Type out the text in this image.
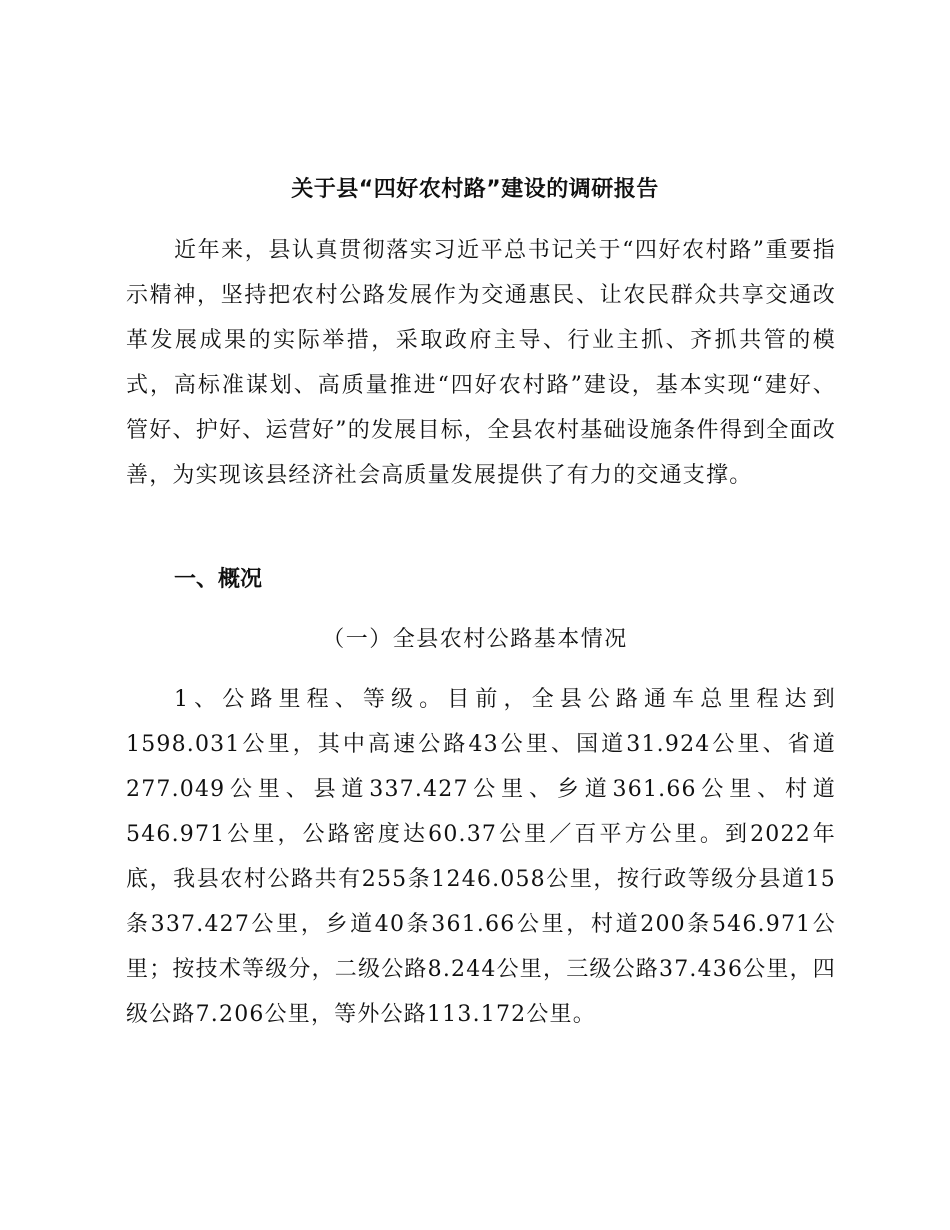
关于县“四好农村路”建设的调研报告
近年来，县认真贯彻落实习近平总书记关于“四好农村路”重要指示精神，坚持把农村公路发展作为交通惠民、让农民群众共享交通改革发展成果的实际举措，采取政府主导、行业主抓、齐抓共管的模式，高标准谋划、高质量推进“四好农村路”建设，基本实现“建好、管好、护好、运营好”的发展目标，全县农村基础设施条件得到全面改善，为实现该县经济社会高质量发展提供了有力的交通支撑。
一、概况
（一）全县农村公路基本情况
1、公路里程、等级。目前，全县公路通车总里程达到1598.031公里，其中高速公路43公里、国道31.924公里、省道277.049公里、县道337.427公里、乡道361.66公里、村道546.971公里，公路密度达60.37公里／百平方公里。到2022年底，我县农村公路共有255条1246.058公里，按行政等级分县道15条337.427公里，乡道40条361.66公里，村道200条546.971公里；按技术等级分，二级公路8.244公里，三级公路37.436公里，四级公路7.206公里，等外公路113.172公里。
